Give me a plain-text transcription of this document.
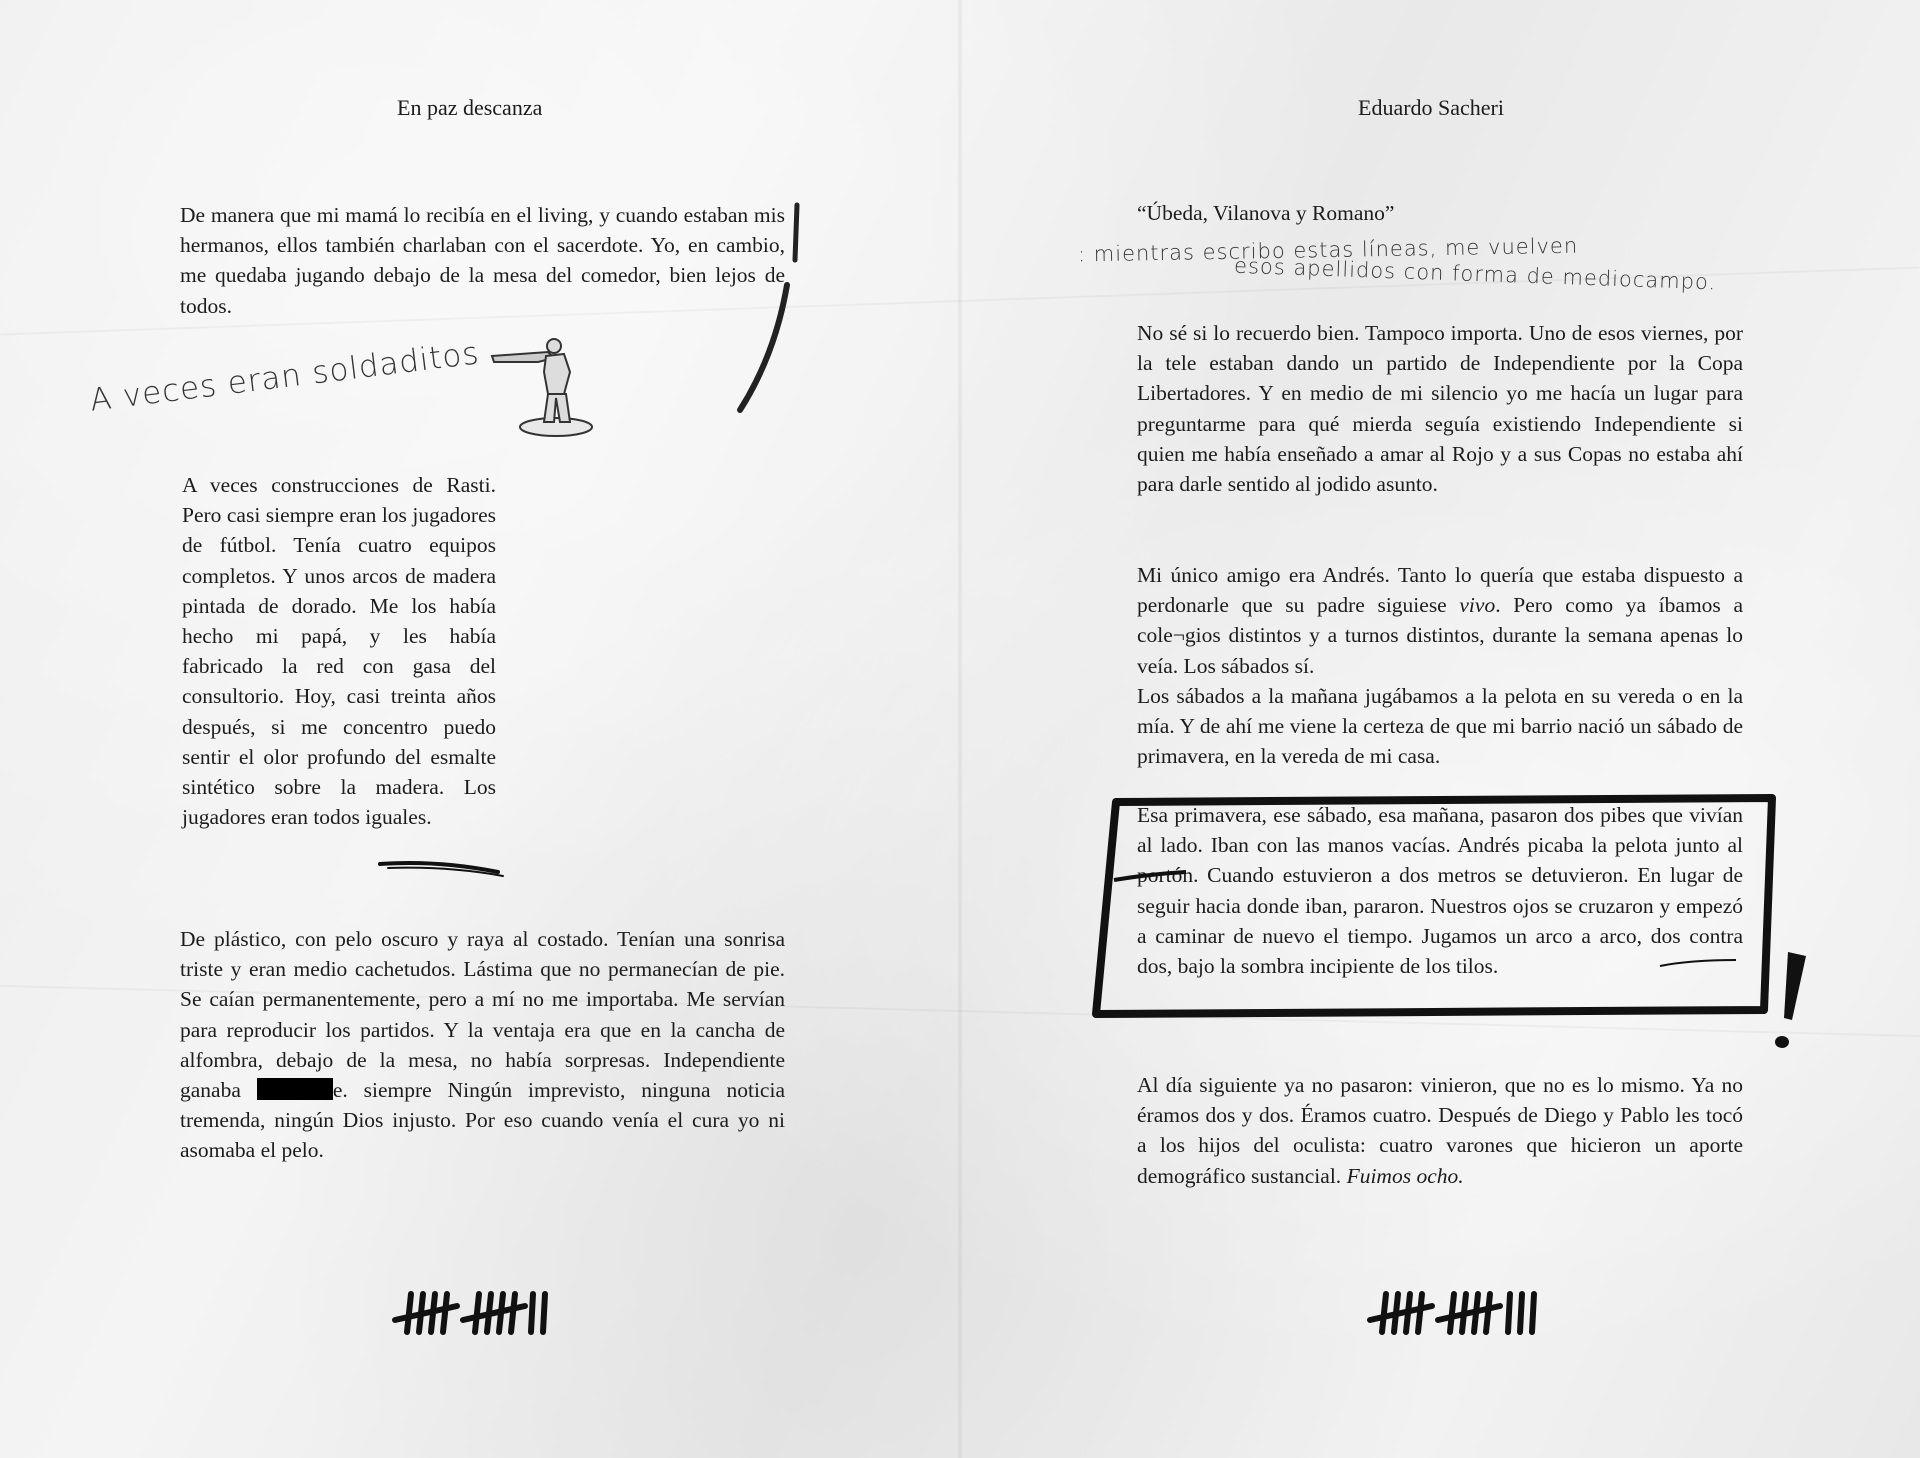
En paz descanza
De manera que mi mamá lo recibía en el living, y cuando estaban mis hermanos, ellos también charlaban con el sacerdote. Yo, en cambio, me quedaba jugando debajo de la mesa del comedor, bien lejos de todos.
A veces eran soldaditos
A veces construcciones de Rasti. Pero casi siempre eran los jugadores de fútbol. Tenía cuatro equipos completos. Y unos arcos de madera pintada de dorado. Me los había hecho mi papá, y les había fabricado la red con gasa del consultorio. Hoy, casi treinta años después, si me concentro puedo sentir el olor profundo del esmalte sintético sobre la madera. Los jugadores eran todos iguales.
De plástico, con pelo oscuro y raya al costado. Tenían una sonrisa triste y eran medio cachetudos. Lástima que no permanecían de pie. Se caían permanentemente, pero a mí no me importaba. Me servían para reproducir los partidos. Y la ventaja era que en la cancha de alfombra, debajo de la mesa, no había sorpresas. Independiente ganaba	e. siempre Ningún imprevisto, ninguna noticia tremenda, ningún Dios injusto. Por eso cuando venía el cura yo ni asomaba el pelo.
Eduardo Sacheri
“Úbeda, Vilanova y Romano”
: mientras escribo estas líneas, me vuelven
esos apellidos con forma de mediocampo.
No sé si lo recuerdo bien. Tampoco importa. Uno de esos viernes, por la tele estaban dando un partido de Independiente por la Copa Libertadores. Y en medio de mi silencio yo me hacía un lugar para preguntarme para qué mierda seguía existiendo Independiente si quien me había enseñado a amar al Rojo y a sus Copas no estaba ahí para darle sentido al jodido asunto.

Mi único amigo era Andrés. Tanto lo quería que estaba dispuesto a perdonarle que su padre siguiese vivo. Pero como ya íbamos a cole¬gios distintos y a turnos distintos, durante la semana apenas lo veía. Los sábados sí.

Los sábados a la mañana jugábamos a la pelota en su vereda o en la mía. Y de ahí me viene la certeza de que mi barrio nació un sábado de primavera, en la vereda de mi casa.

Esa primavera, ese sábado, esa mañana, pasaron dos pibes que vivían al lado. Iban con las manos vacías. Andrés picaba la pelota junto al portón. Cuando estuvieron a dos metros se detuvieron. En lugar de seguir hacia donde iban, pararon. Nuestros ojos se cruzaron y empezó a caminar de nuevo el tiempo. Jugamos un arco a arco, dos contra dos, bajo la sombra incipiente de los tilos.
Al día siguiente ya no pasaron: vinieron, que no es lo mismo. Ya no éramos dos y dos. Éramos cuatro. Después de Diego y Pablo les tocó a los hijos del oculista: cuatro varones que hicieron un aporte demográfico sustancial. Fuimos ocho.
